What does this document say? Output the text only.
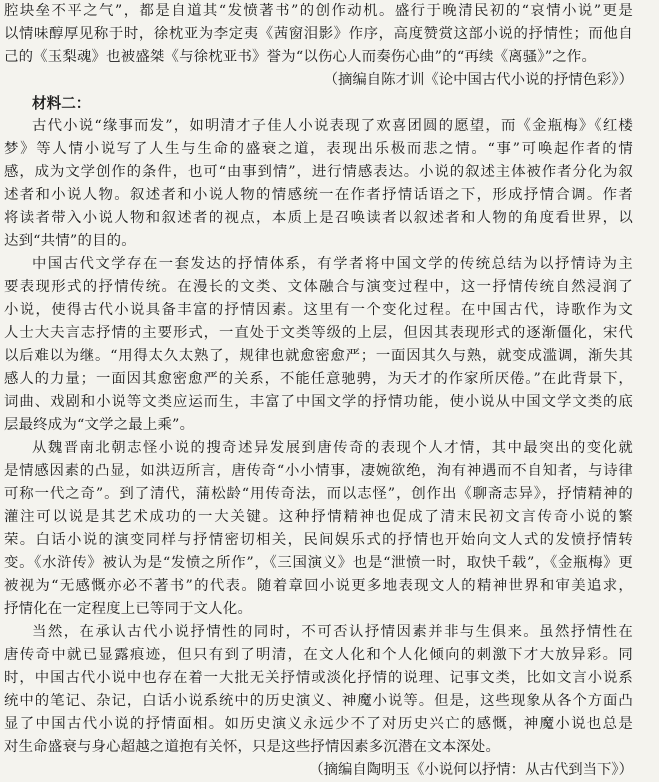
腔块垒不平之气”，都是自道其“发愤著书”的创作动机。盛行于晚清民初的“哀情小说”更是
以情味醇厚见称于时，徐枕亚为李定夷《茜窗泪影》作序，高度赞赏这部小说的抒情性；而他自
己的《玉梨魂》也被盛桀《与徐枕亚书》誉为“以伤心人而奏伤心曲”的“再续《离骚》”之作。
（摘编自陈才训《论中国古代小说的抒情色彩》）
材料二：
古代小说“缘事而发”，如明清才子佳人小说表现了欢喜团圆的愿望，而《金瓶梅》《红楼
梦》等人情小说写了人生与生命的盛衰之道，表现出乐极而悲之情。“事”可唤起作者的情
感，成为文学创作的条件，也可“由事到情”，进行情感表达。小说的叙述主体被作者分化为叙
述者和小说人物。叙述者和小说人物的情感统一在作者抒情话语之下，形成抒情合调。作者
将读者带入小说人物和叙述者的视点，本质上是召唤读者以叙述者和人物的角度看世界，以
达到“共情”的目的。
中国古代文学存在一套发达的抒情体系，有学者将中国文学的传统总结为以抒情诗为主
要表现形式的抒情传统。在漫长的文类、文体融合与演变过程中，这一抒情传统自然浸润了
小说，使得古代小说具备丰富的抒情因素。这里有一个变化过程。在中国古代，诗歌作为文
人士大夫言志抒情的主要形式，一直处于文类等级的上层，但因其表现形式的逐渐僵化，宋代
以后难以为继。“用得太久太熟了，规律也就愈密愈严；一面因其久与熟，就变成滥调，渐失其
感人的力量；一面因其愈密愈严的关系，不能任意驰骋，为天才的作家所厌倦。”在此背景下，
词曲、戏剧和小说等文类应运而生，丰富了中国文学的抒情功能，使小说从中国文学文类的底
层最终成为“文学之最上乘”。
从魏晋南北朝志怪小说的搜奇述异发展到唐传奇的表现个人才情，其中最突出的变化就
是情感因素的凸显，如洪迈所言，唐传奇“小小情事，凄婉欲绝，洵有神遇而不自知者，与诗律
可称一代之奇”。到了清代，蒲松龄“用传奇法，而以志怪”，创作出《聊斋志异》，抒情精神的
灌注可以说是其艺术成功的一大关键。这种抒情精神也促成了清末民初文言传奇小说的繁
荣。白话小说的演变同样与抒情密切相关，民间娱乐式的抒情也开始向文人式的发愤抒情转
变。《水浒传》被认为是“发愤之所作”，《三国演义》也是“泄愤一时，取快千载”，《金瓶梅》更
被视为“无感慨亦必不著书”的代表。随着章回小说更多地表现文人的精神世界和审美追求，
抒情化在一定程度上已等同于文人化。
当然，在承认古代小说抒情性的同时，不可否认抒情因素并非与生俱来。虽然抒情性在
唐传奇中就已显露痕迹，但只有到了明清，在文人化和个人化倾向的刺激下才大放异彩。同
时，中国古代小说中也存在着一大批无关抒情或淡化抒情的说理、记事文类，比如文言小说系
统中的笔记、杂记，白话小说系统中的历史演义、神魔小说等。但是，这些现象从各个方面凸
显了中国古代小说的抒情面相。如历史演义永远少不了对历史兴亡的感慨，神魔小说也总是
对生命盛衰与身心超越之道抱有关怀，只是这些抒情因素多沉潜在文本深处。
（摘编自陶明玉《小说何以抒情：从古代到当下》）
